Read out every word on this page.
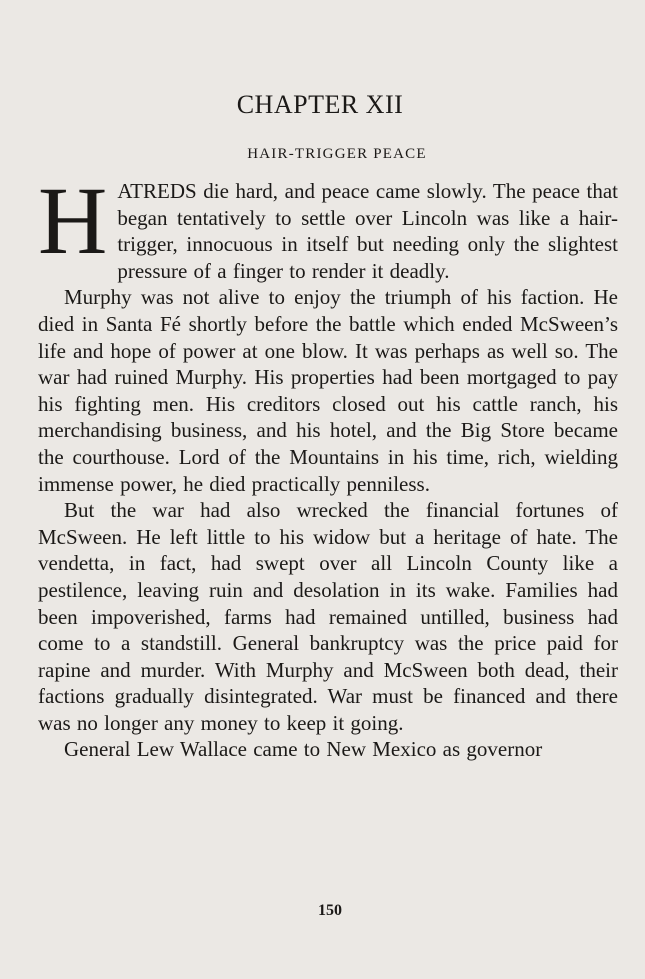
CHAPTER XII
HAIR-TRIGGER PEACE

HATREDS die hard, and peace came slowly. The peace that began tentatively to settle over Lincoln was like a hair-trigger, innocuous in itself but needing only the slightest pressure of a finger to render it deadly.

Murphy was not alive to enjoy the triumph of his faction. He died in Santa Fé shortly before the battle which ended McSween’s life and hope of power at one blow. It was perhaps as well so. The war had ruined Murphy. His properties had been mortgaged to pay his fighting men. His creditors closed out his cattle ranch, his merchandising business, and his hotel, and the Big Store became the courthouse. Lord of the Mountains in his time, rich, wielding immense power, he died practically penniless.

But the war had also wrecked the financial fortunes of McSween. He left little to his widow but a heritage of hate. The vendetta, in fact, had swept over all Lincoln County like a pestilence, leaving ruin and desolation in its wake. Families had been impoverished, farms had remained untilled, business had come to a standstill. General bankruptcy was the price paid for rapine and murder. With Murphy and McSween both dead, their factions gradually disintegrated. War must be financed and there was no longer any money to keep it going.

General Lew Wallace came to New Mexico as governor

150
